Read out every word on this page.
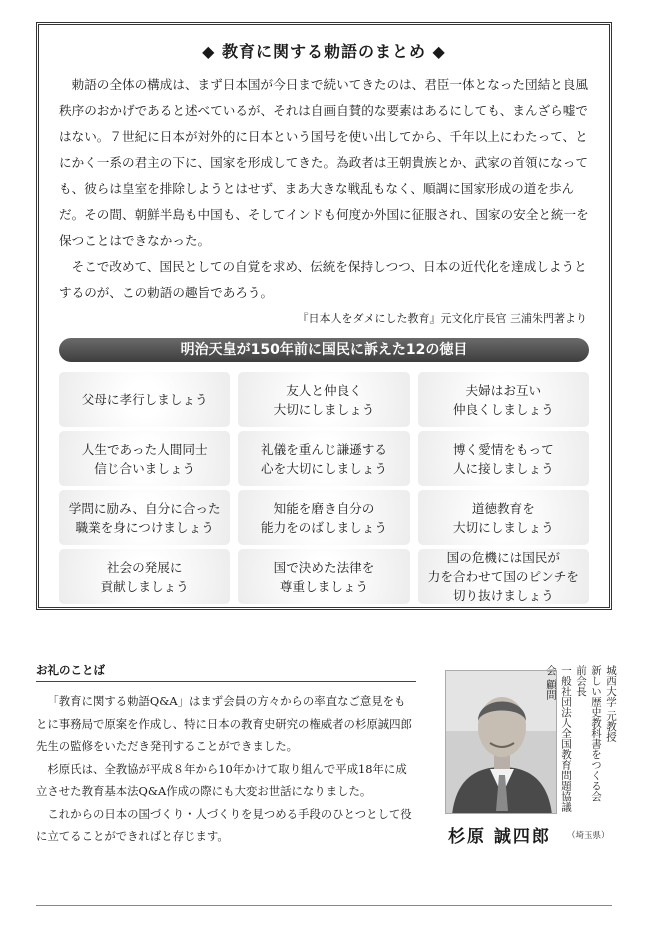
◆ 教育に関する勅語のまとめ ◆

勅語の全体の構成は、まず日本国が今日まで続いてきたのは、君臣一体となった団結と良風秩序のおかげであると述べているが、それは自画自賛的な要素はあるにしても、まんざら嘘ではない。７世紀に日本が対外的に日本という国号を使い出してから、千年以上にわたって、とにかく一系の君主の下に、国家を形成してきた。為政者は王朝貴族とか、武家の首領になっても、彼らは皇室を排除しようとはせず、まあ大きな戦乱もなく、順調に国家形成の道を歩んだ。その間、朝鮮半島も中国も、そしてインドも何度か外国に征服され、国家の安全と統一を保つことはできなかった。

そこで改めて、国民としての自覚を求め、伝統を保持しつつ、日本の近代化を達成しようとするのが、この勅語の趣旨であろう。

『日本人をダメにした教育』元文化庁長官 三浦朱門著より
明治天皇が150年前に国民に訴えた12の徳目
父母に孝行しましょう
友人と仲良く
大切にしましょう
夫婦はお互い
仲良くしましょう
人生であった人間同士
信じ合いましょう
礼儀を重んじ謙遜する
心を大切にしましょう
博く愛情をもって
人に接しましょう
学問に励み、自分に合った
職業を身につけましょう
知能を磨き自分の
能力をのばしましょう
道徳教育を
大切にしましょう
社会の発展に
貢献しましょう
国で決めた法律を
尊重しましょう
国の危機には国民が
力を合わせて国のピンチを
切り抜けましょう
お礼のことば

「教育に関する勅語Q&A」はまず会員の方々からの率直なご意見をもとに事務局で原案を作成し、特に日本の教育史研究の権威者の杉原誠四郎先生の監修をいただき発刊することができました。

杉原氏は、全教協が平成８年から10年かけて取り組んで平成18年に成立させた教育基本法Q&A作成の際にも大変お世話になりました。

これからの日本の国づくり・人づくりを見つめる手段のひとつとして役に立てることができればと存じます。

城西大学 元教授
新しい歴史教科書をつくる会 前会長
一般社団法人全国教育問題協議会 顧問
杉原 誠四郎 （埼玉県）
